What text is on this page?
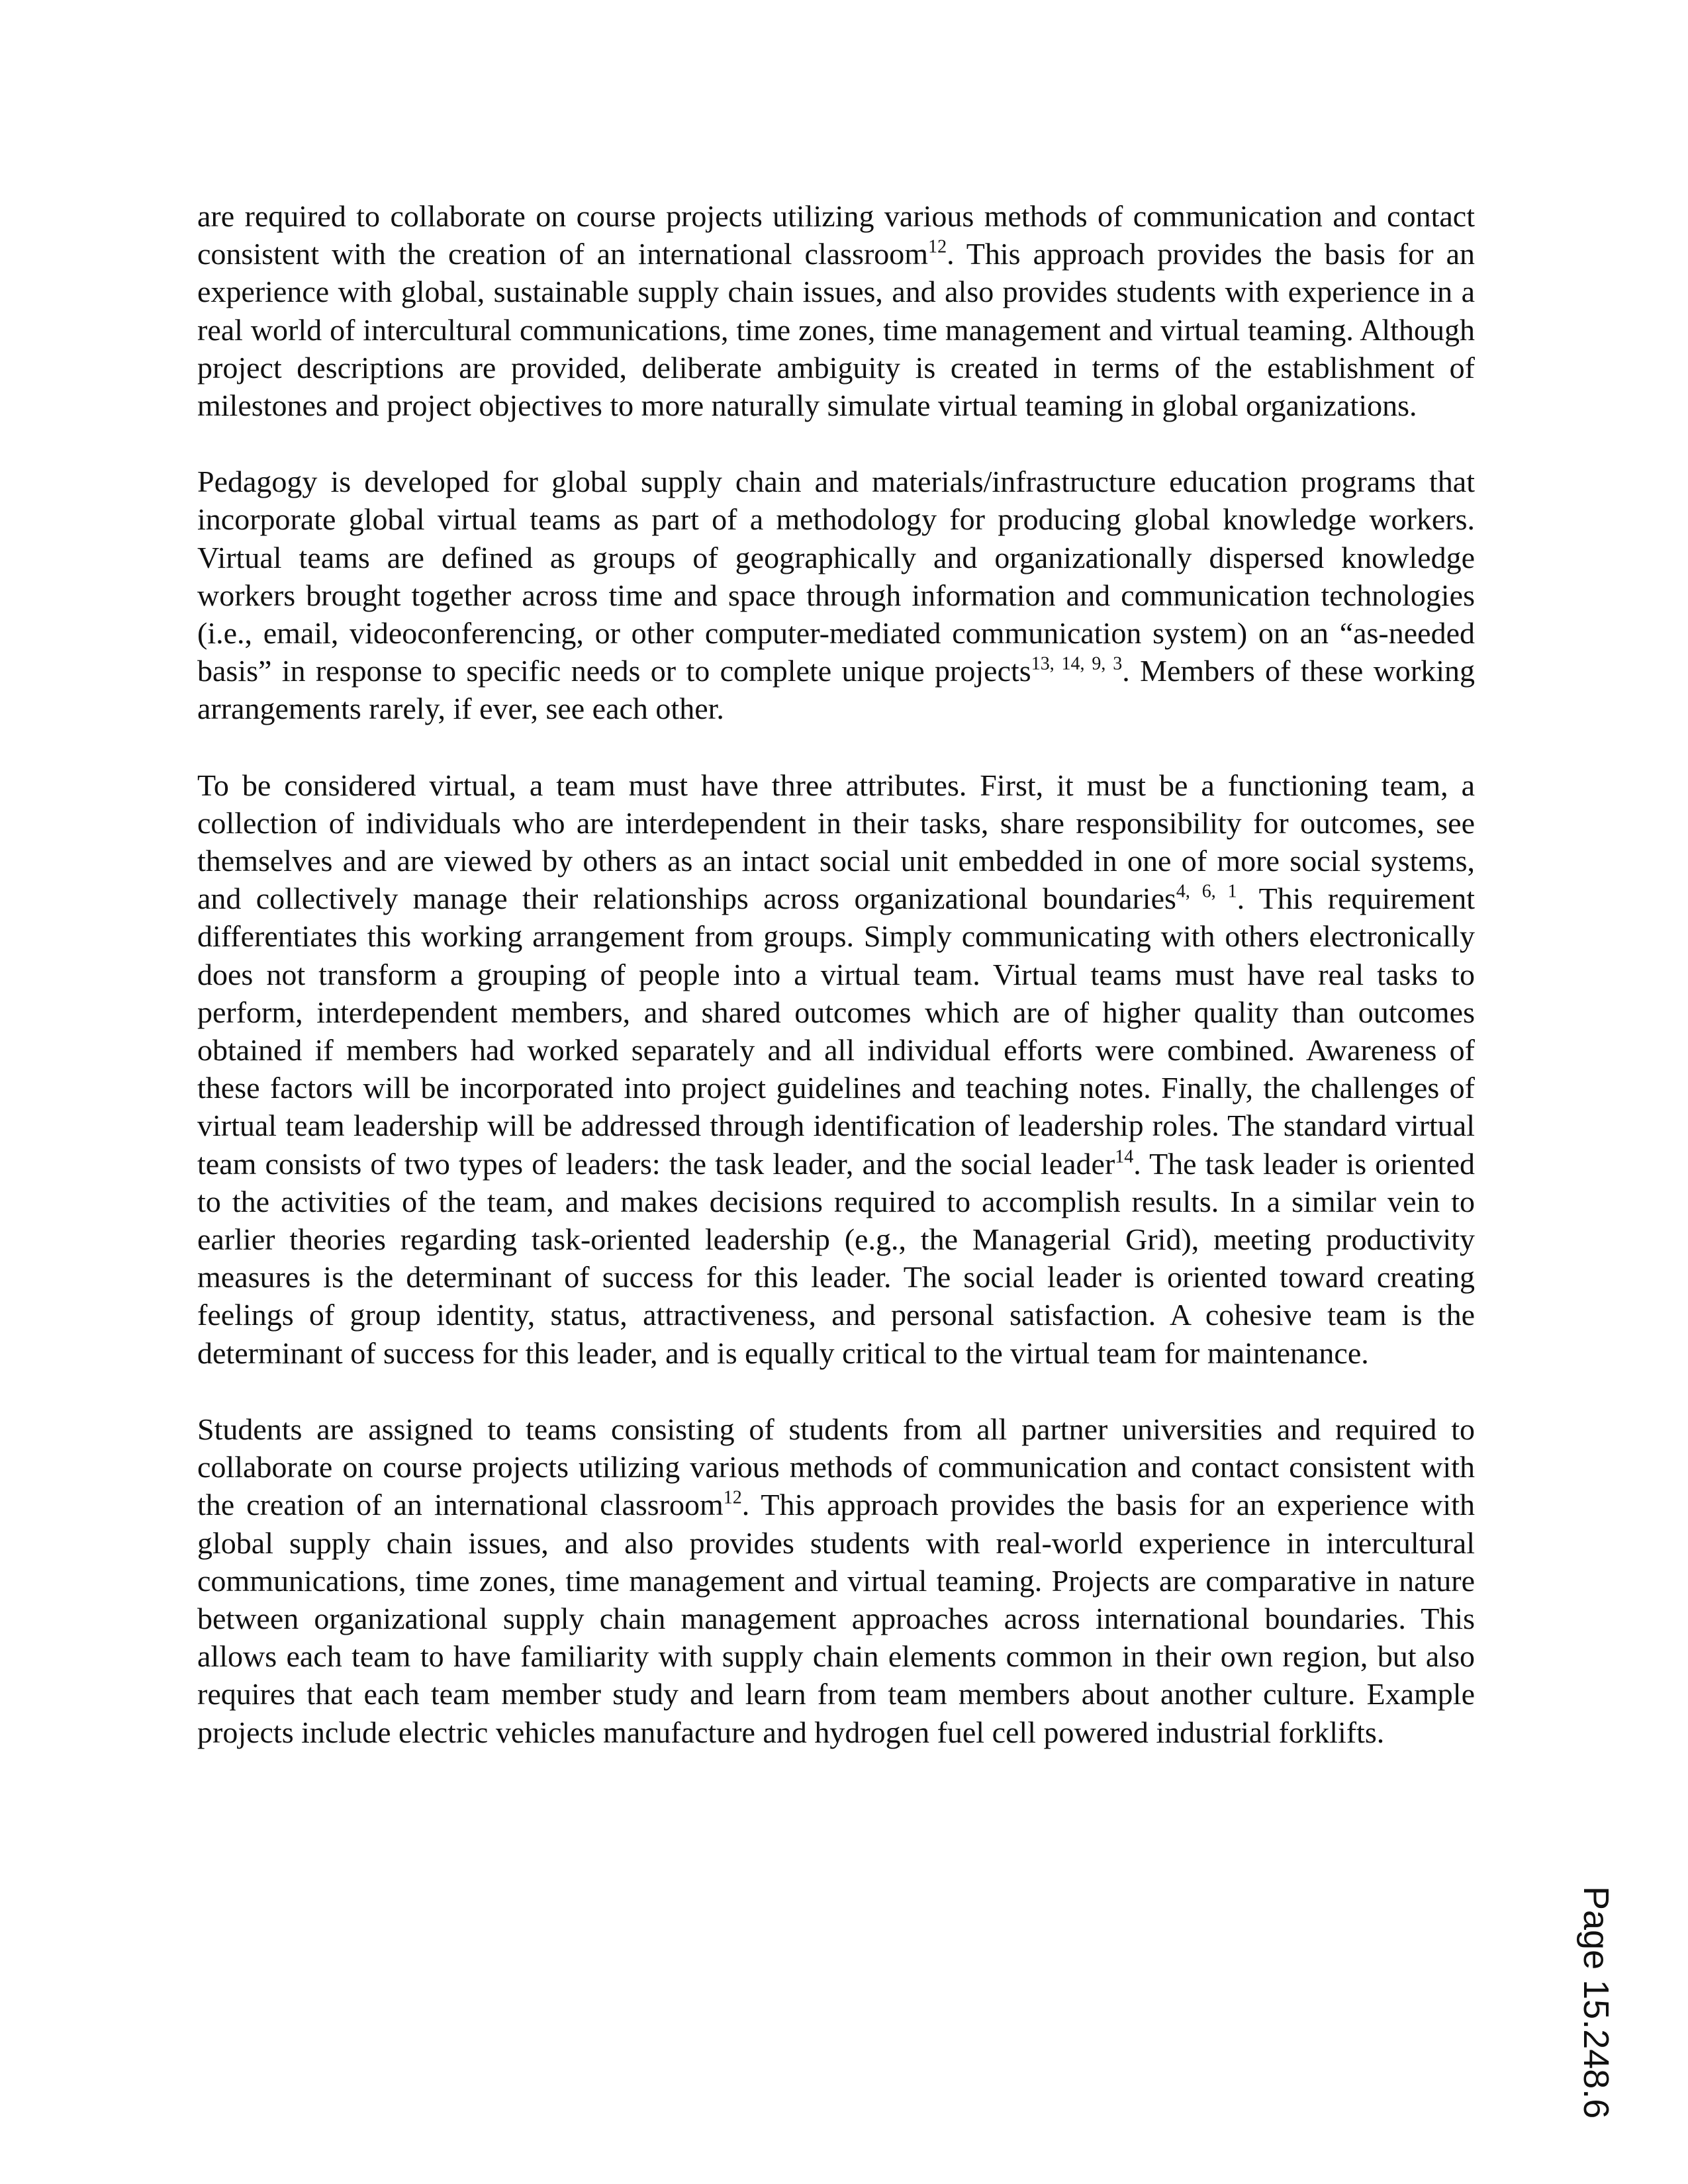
are required to collaborate on course projects utilizing various methods of communication and contact consistent with the creation of an international classroom$^{12}$. This approach provides the basis for an experience with global, sustainable supply chain issues, and also provides students with experience in a real world of intercultural communications, time zones, time management and virtual teaming. Although project descriptions are provided, deliberate ambiguity is created in terms of the establishment of milestones and project objectives to more naturally simulate virtual teaming in global organizations.

Pedagogy is developed for global supply chain and materials/infrastructure education programs that incorporate global virtual teams as part of a methodology for producing global knowledge workers. Virtual teams are defined as groups of geographically and organizationally dispersed knowledge workers brought together across time and space through information and communication technologies (i.e., email, videoconferencing, or other computer-mediated communication system) on an “as-needed basis” in response to specific needs or to complete unique projects$^{13, 14, 9, 3}$. Members of these working arrangements rarely, if ever, see each other.

To be considered virtual, a team must have three attributes. First, it must be a functioning team, a collection of individuals who are interdependent in their tasks, share responsibility for outcomes, see themselves and are viewed by others as an intact social unit embedded in one of more social systems, and collectively manage their relationships across organizational boundaries$^{4, 6, 1}$. This requirement differentiates this working arrangement from groups. Simply communicating with others electronically does not transform a grouping of people into a virtual team. Virtual teams must have real tasks to perform, interdependent members, and shared outcomes which are of higher quality than outcomes obtained if members had worked separately and all individual efforts were combined. Awareness of these factors will be incorporated into project guidelines and teaching notes. Finally, the challenges of virtual team leadership will be addressed through identification of leadership roles. The standard virtual team consists of two types of leaders: the task leader, and the social leader$^{14}$. The task leader is oriented to the activities of the team, and makes decisions required to accomplish results. In a similar vein to earlier theories regarding task-oriented leadership (e.g., the Managerial Grid), meeting productivity measures is the determinant of success for this leader. The social leader is oriented toward creating feelings of group identity, status, attractiveness, and personal satisfaction. A cohesive team is the determinant of success for this leader, and is equally critical to the virtual team for maintenance.

Students are assigned to teams consisting of students from all partner universities and required to collaborate on course projects utilizing various methods of communication and contact consistent with the creation of an international classroom$^{12}$. This approach provides the basis for an experience with global supply chain issues, and also provides students with real-world experience in intercultural communications, time zones, time management and virtual teaming. Projects are comparative in nature between organizational supply chain management approaches across international boundaries. This allows each team to have familiarity with supply chain elements common in their own region, but also requires that each team member study and learn from team members about another culture. Example projects include electric vehicles manufacture and hydrogen fuel cell powered industrial forklifts.

Page 15.248.6
